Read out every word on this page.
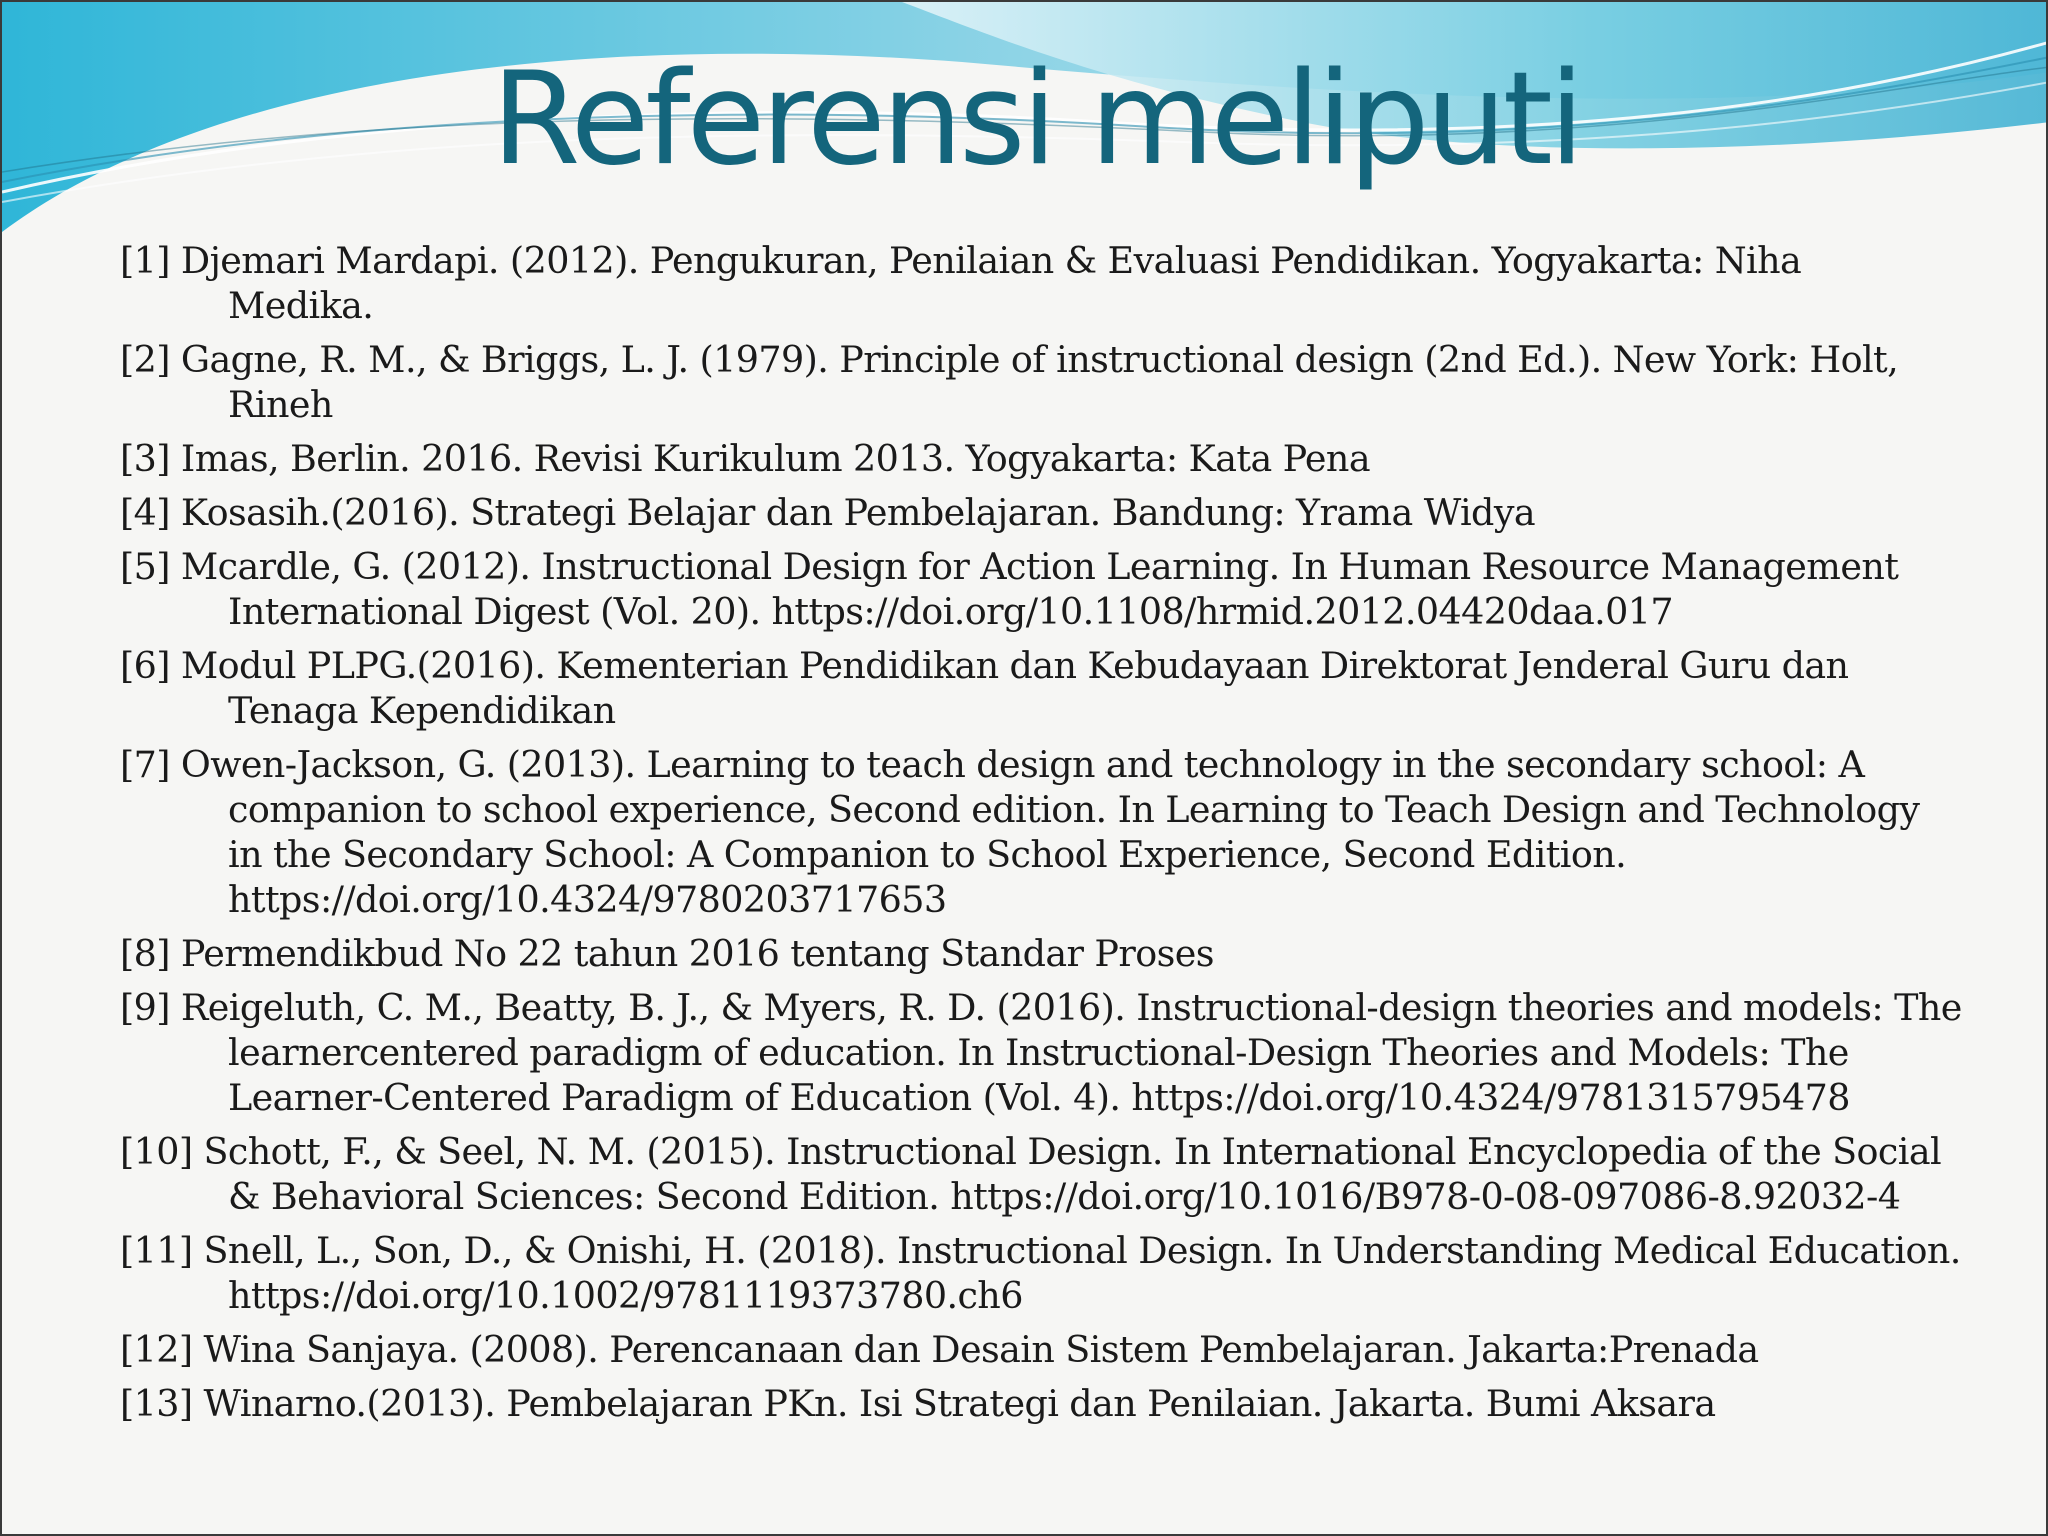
Referensi meliputi
[1] Djemari Mardapi. (2012). Pengukuran, Penilaian & Evaluasi Pendidikan. Yogyakarta: Niha
Medika.
[2] Gagne, R. M., & Briggs, L. J. (1979). Principle of instructional design (2nd Ed.). New York: Holt,
Rineh
[3] Imas, Berlin. 2016. Revisi Kurikulum 2013. Yogyakarta: Kata Pena
[4] Kosasih.(2016). Strategi Belajar dan Pembelajaran. Bandung: Yrama Widya
[5] Mcardle, G. (2012). Instructional Design for Action Learning. In Human Resource Management
International Digest (Vol. 20). https://doi.org/10.1108/hrmid.2012.04420daa.017
[6] Modul PLPG.(2016). Kementerian Pendidikan dan Kebudayaan Direktorat Jenderal Guru dan
Tenaga Kependidikan
[7] Owen-Jackson, G. (2013). Learning to teach design and technology in the secondary school: A
companion to school experience, Second edition. In Learning to Teach Design and Technology
in the Secondary School: A Companion to School Experience, Second Edition.
https://doi.org/10.4324/9780203717653
[8] Permendikbud No 22 tahun 2016 tentang Standar Proses
[9] Reigeluth, C. M., Beatty, B. J., & Myers, R. D. (2016). Instructional-design theories and models: The
learnercentered paradigm of education. In Instructional-Design Theories and Models: The
Learner-Centered Paradigm of Education (Vol. 4). https://doi.org/10.4324/9781315795478
[10] Schott, F., & Seel, N. M. (2015). Instructional Design. In International Encyclopedia of the Social
& Behavioral Sciences: Second Edition. https://doi.org/10.1016/B978-0-08-097086-8.92032-4
[11] Snell, L., Son, D., & Onishi, H. (2018). Instructional Design. In Understanding Medical Education.
https://doi.org/10.1002/9781119373780.ch6
[12] Wina Sanjaya. (2008). Perencanaan dan Desain Sistem Pembelajaran. Jakarta:Prenada
[13] Winarno.(2013). Pembelajaran PKn. Isi Strategi dan Penilaian. Jakarta. Bumi Aksara
